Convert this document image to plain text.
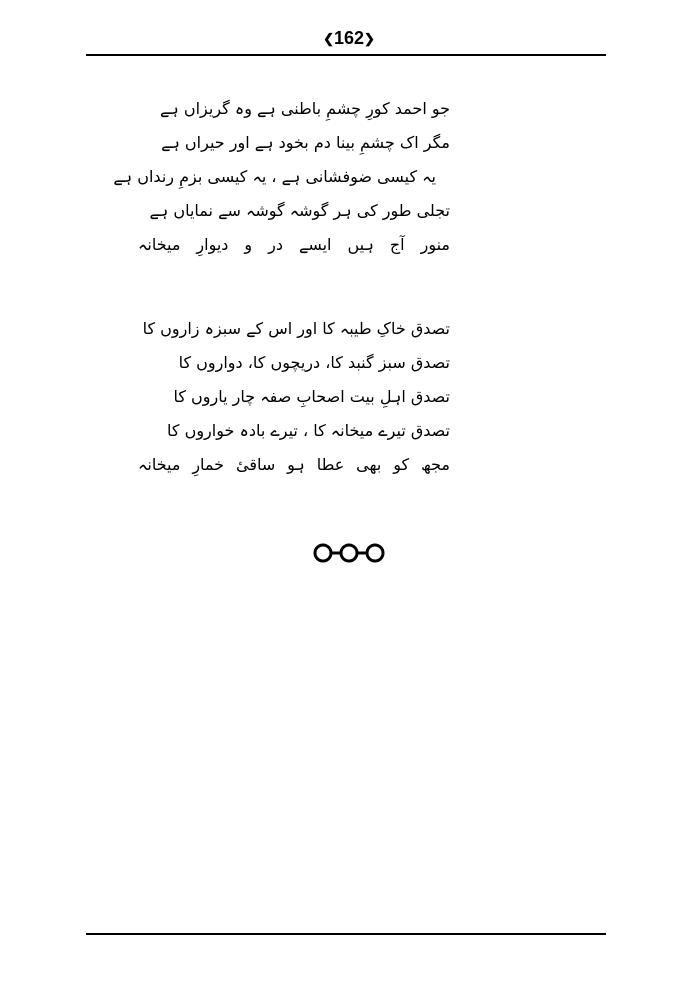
❮162❯
جو احمد کورِ چشمِ باطنی ہے وہ گریزاں ہے
مگر اک چشمِ بینا دم بخود ہے اور حیراں ہے
یہ کیسی ضوفشانی ہے ، یہ کیسی بزمِ رنداں ہے
تجلی طور کی ہر گوشہ گوشہ سے نمایاں ہے
منور آج ہیں ایسے در و دیوارِ میخانہ
تصدق خاکِ طیبہ کا اور اس کے سبزہ زاروں کا
تصدق سبز گنبد کا، دریچوں کا، دواروں کا
تصدق اہلِ بیت اصحابِ صفہ چار یاروں کا
تصدق تیرے میخانہ کا ، تیرے بادہ خواروں کا
مجھ کو بھی عطا ہو ساقیٔ خمارِ میخانہ
